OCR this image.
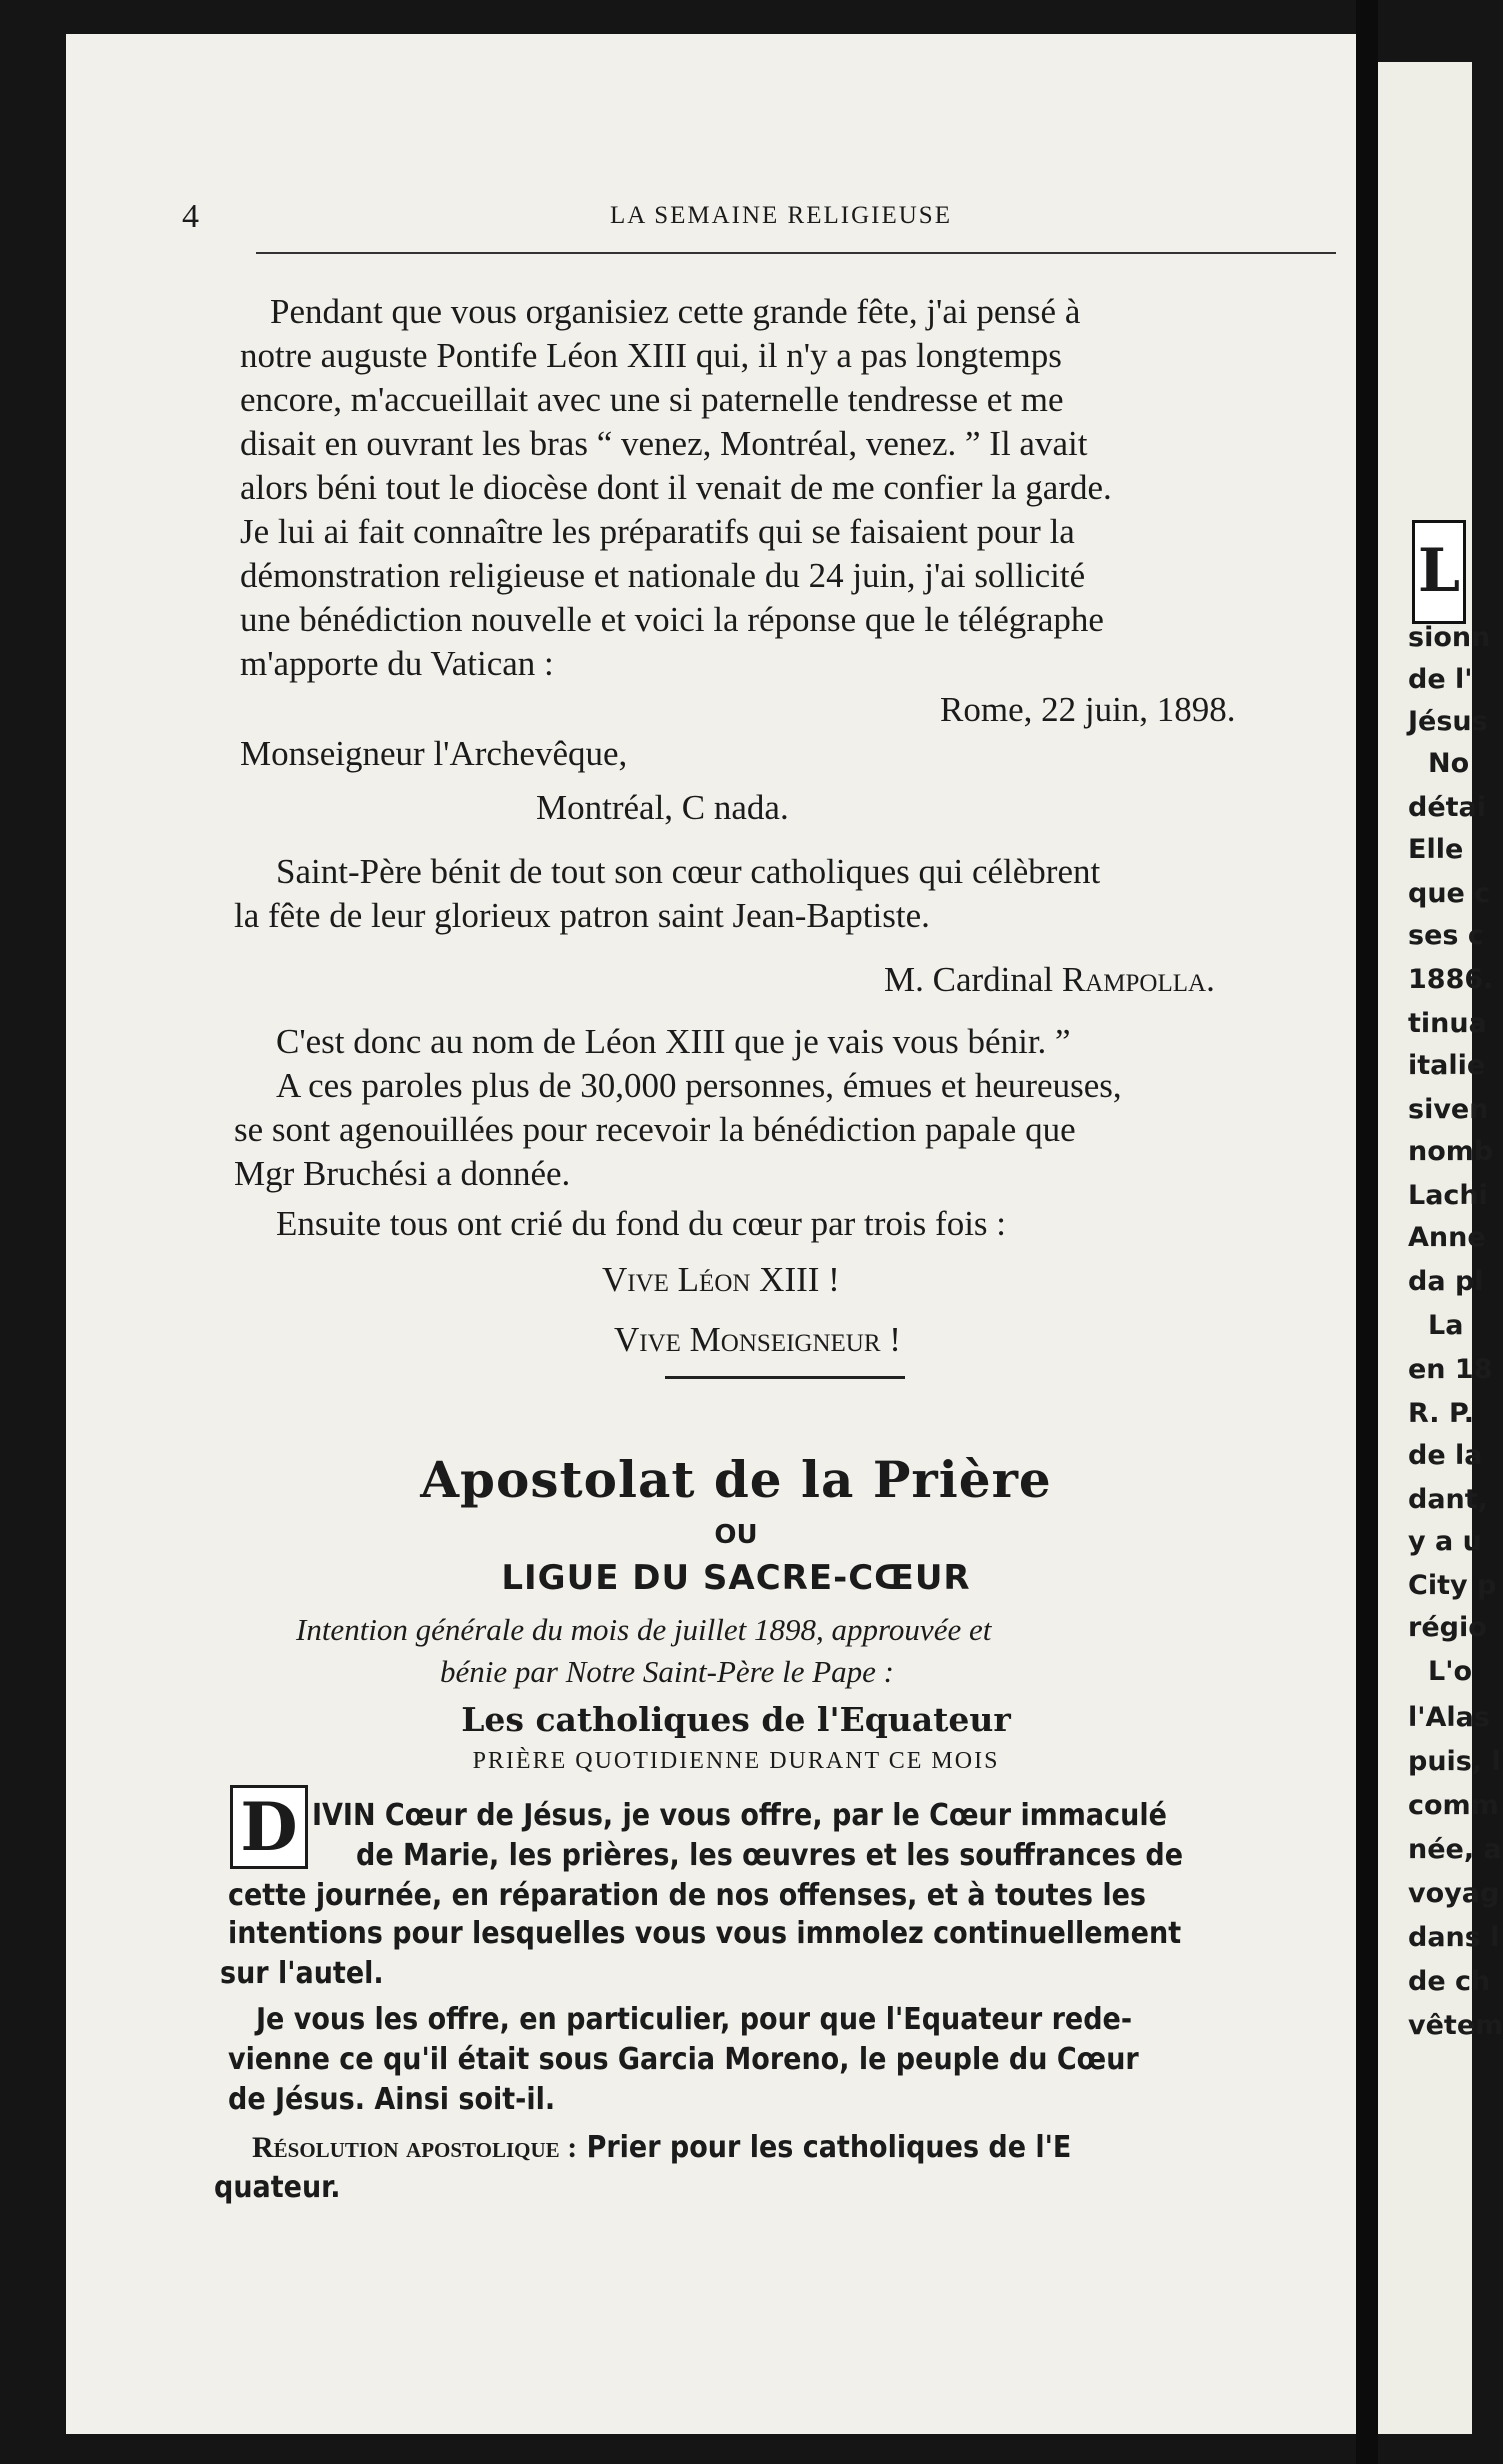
4	LA SEMAINE RELIGIEUSE
Pendant que vous organisiez cette grande fête, j'ai pensé à
notre auguste Pontife Léon XIII qui, il n'y a pas longtemps
encore, m'accueillait avec une si paternelle tendresse et me
disait en ouvrant les bras “ venez, Montréal, venez. ” Il avait
alors béni tout le diocèse dont il venait de me confier la garde.
Je lui ai fait connaître les préparatifs qui se faisaient pour la
démonstration religieuse et nationale du 24 juin, j'ai sollicité
une bénédiction nouvelle et voici la réponse que le télégraphe
m'apporte du Vatican :
Rome, 22 juin, 1898.
Monseigneur l'Archevêque,
Montréal, C nada.
Saint-Père bénit de tout son cœur catholiques qui célèbrent
la fête de leur glorieux patron saint Jean-Baptiste.
M. Cardinal Rampolla.
C'est donc au nom de Léon XIII que je vais vous bénir. ”
A ces paroles plus de 30,000 personnes, émues et heureuses,
se sont agenouillées pour recevoir la bénédiction papale que
Mgr Bruchési a donnée.
Ensuite tous ont crié du fond du cœur par trois fois :
Vive Léon XIII !
Vive Monseigneur !
Apostolat de la Prière
OU
LIGUE DU SACRE-CŒUR
Intention générale du mois de juillet 1898, approuvée et
bénie par Notre Saint-Père le Pape :
Les catholiques de l'Equateur
PRIÈRE QUOTIDIENNE DURANT CE MOIS
D IVIN Cœur de Jésus, je vous offre, par le Cœur immaculé
de Marie, les prières, les œuvres et les souffrances de
cette journée, en réparation de nos offenses, et à toutes les
intentions pour lesquelles vous vous immolez continuellement
sur l'autel.
Je vous les offre, en particulier, pour que l'Equateur rede-
vienne ce qu'il était sous Garcia Moreno, le peuple du Cœur
de Jésus. Ainsi soit-il.
Résolution apostolique : Prier pour les catholiques de l'E
quateur.
L
sionn
de l'
Jésus
No
détai
Elle
que c
ses c
1886.
tinua
italie
siven
nomb
Lachi
Anne
da pl
La
en 18
R. P.
de la
dant,
y a u
City p
régio
L'o
l'Alas
puis, l
comm
née, a
voyag
dans l
de ch
vêtem
